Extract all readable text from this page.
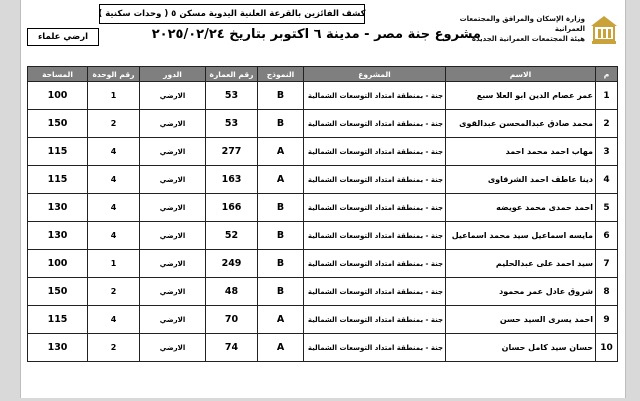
وزارة الإسكان والمرافق والمجتمعات العمرانية
هيئة المجتمعات العمرانية الجديدة
كشف الفائزين بالقرعة العلنية اليدوية مسكن ٥ ( وحدات سكنية )
مشروع جنة مصر - مدينة ٦ اكتوبر بتاريخ ٢٠٢٥/٠٢/٢٤
ارضي علماء
م	الاسم	المشروع	النموذج	رقم العمارة	الدور	رقم الوحدة	المساحة
1	عمر عصام الدين ابو العلا سبع	جنة - بمنطقة امتداد التوسعات الشمالية	B	53	الارضي	1	100
2	محمد صادق عبدالمحسن عبدالقوى	جنة - بمنطقة امتداد التوسعات الشمالية	B	53	الارضي	2	150
3	مهاب احمد محمد احمد	جنة - بمنطقة امتداد التوسعات الشمالية	A	277	الارضي	4	115
4	دينا عاطف احمد الشرقاوى	جنة - بمنطقة امتداد التوسعات الشمالية	A	163	الارضي	4	115
5	احمد حمدى محمد عويضه	جنة - بمنطقة امتداد التوسعات الشمالية	B	166	الارضي	4	130
6	مايسه اسماعيل سيد محمد اسماعيل	جنة - بمنطقة امتداد التوسعات الشمالية	B	52	الارضي	4	130
7	سيد احمد على عبدالحليم	جنة - بمنطقة امتداد التوسعات الشمالية	B	249	الارضي	1	100
8	شروق عادل عمر محمود	جنة - بمنطقة امتداد التوسعات الشمالية	B	48	الارضي	2	150
9	احمد يسرى السيد حسن	جنة - بمنطقة امتداد التوسعات الشمالية	A	70	الارضي	4	115
10	حسان سيد كامل حسان	جنة - بمنطقة امتداد التوسعات الشمالية	A	74	الارضي	2	130
